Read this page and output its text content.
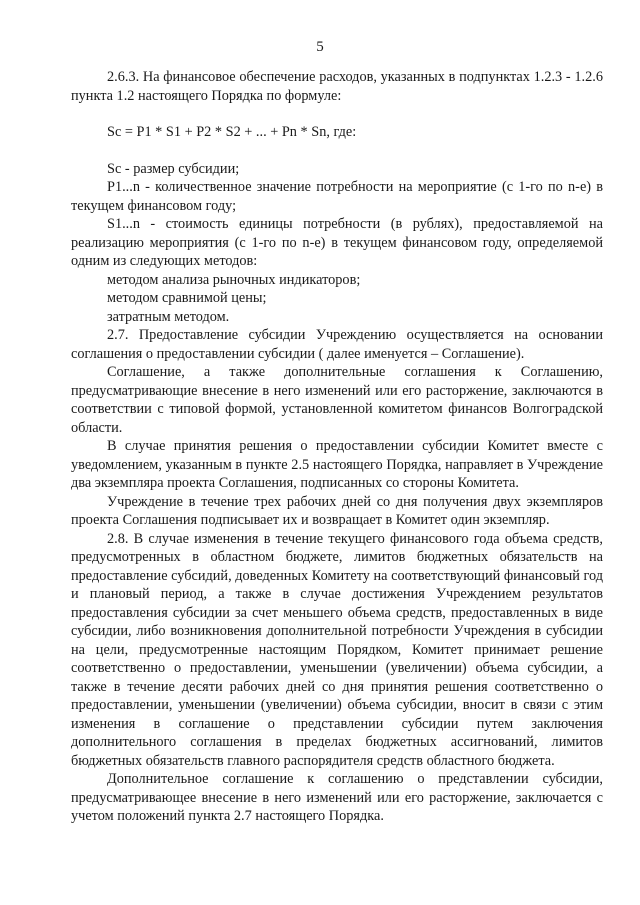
5

2.6.3. На финансовое обеспечение расходов, указанных в подпунктах 1.2.3 - 1.2.6 пункта 1.2 настоящего Порядка по формуле:

Sc = P1 * S1 + P2 * S2 + ... + Pn * Sn, где:

Sc - размер субсидии;

P1...n - количественное значение потребности на мероприятие (с 1-го по n-е) в текущем финансовом году;

S1...n - стоимость единицы потребности (в рублях), предоставляемой на реализацию мероприятия (с 1-го по n-е) в текущем финансовом году, определяемой одним из следующих методов:

методом анализа рыночных индикаторов;

методом сравнимой цены;

затратным методом.

2.7. Предоставление субсидии Учреждению осуществляется на основании соглашения о предоставлении субсидии ( далее именуется – Соглашение).

Соглашение, а также дополнительные соглашения к Соглашению, предусматривающие внесение в него изменений или его расторжение, заключаются в соответствии с типовой формой, установленной комитетом финансов Волгоградской области.

В случае принятия решения о предоставлении субсидии Комитет вместе с уведомлением, указанным в пункте 2.5 настоящего Порядка, направляет в Учреждение два экземпляра проекта Соглашения, подписанных со стороны Комитета.

Учреждение в течение трех рабочих дней со дня получения двух экземпляров проекта Соглашения подписывает их и возвращает в Комитет один экземпляр.

2.8. В случае изменения в течение текущего финансового года объема средств, предусмотренных в областном бюджете, лимитов бюджетных обязательств на предоставление субсидий, доведенных Комитету на соответствующий финансовый год и плановый период, а также в случае достижения Учреждением результатов предоставления субсидии за счет меньшего объема средств, предоставленных в виде субсидии, либо возникновения дополнительной потребности Учреждения в субсидии на цели, предусмотренные настоящим Порядком, Комитет принимает решение соответственно о предоставлении, уменьшении (увеличении) объема субсидии, а также в течение десяти рабочих дней со дня принятия решения соответственно о предоставлении, уменьшении (увеличении) объема субсидии, вносит в связи с этим изменения в соглашение о представлении субсидии путем заключения дополнительного соглашения в пределах бюджетных ассигнований, лимитов бюджетных обязательств главного распорядителя средств областного бюджета.

Дополнительное соглашение к соглашению о представлении субсидии, предусматривающее внесение в него изменений или его расторжение, заключается с учетом положений пункта 2.7 настоящего Порядка.
